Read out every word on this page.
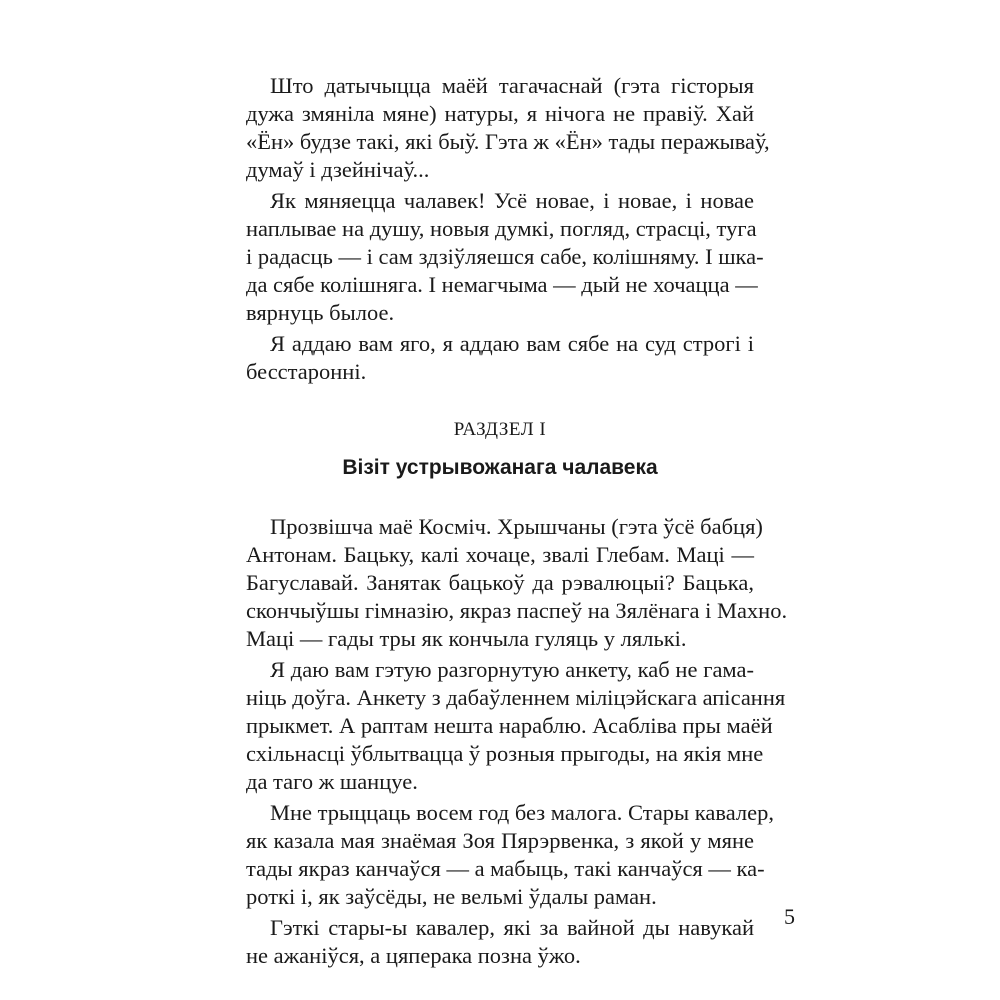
Што датычыцца маёй тагачаснай (гэта гісторыя
дужа змяніла мяне) натуры, я нічога не правіў. Хай
«Ён» будзе такі, які быў. Гэта ж «Ён» тады перажываў,
думаў і дзейнічаў...
Як мяняецца чалавек! Усё новае, і новае, і новае
наплывае на душу, новыя думкі, погляд, страсці, туга
і радасць — і сам здзіўляешся сабе, колішняму. І шка-
да сябе колішняга. І немагчыма — дый не хочацца —
вярнуць былое.
Я аддаю вам яго, я аддаю вам сябе на суд строгі і
бесстаронні.
РАЗДЗЕЛ І
Візіт устрывожанага чалавека
Прозвішча маё Космiч. Хрышчаны (гэта ўсё бабця)
Антонам. Бацьку, калі хочаце, звалі Глебам. Маці —
Багуславай. Занятак бацькоў да рэвалюцыі? Бацька,
скончыўшы гімназію, якраз паспеў на Зялёнага і Махно.
Маці — гады тры як кончыла гуляць у лялькі.
Я даю вам гэтую разгорнутую анкету, каб не гама-
ніць доўга. Анкету з дабаўленнем міліцэйскага апісання
прыкмет. А раптам нешта нараблю. Асабліва пры маёй
схільнасці ўблытвацца ў розныя прыгоды, на якія мне
да таго ж шанцуе.
Мне трыццаць восем год без малога. Стары кавалер,
як казала мая знаёмая Зоя Пярэрвенка, з якой у мяне
тады якраз канчаўся — а мабыць, такі канчаўся — ка-
роткі і, як заўсёды, не вельмі ўдалы раман.
Гэткі стары-ы кавалер, які за вайной ды навукай
не ажаніўся, а цяперака позна ўжо.
5
